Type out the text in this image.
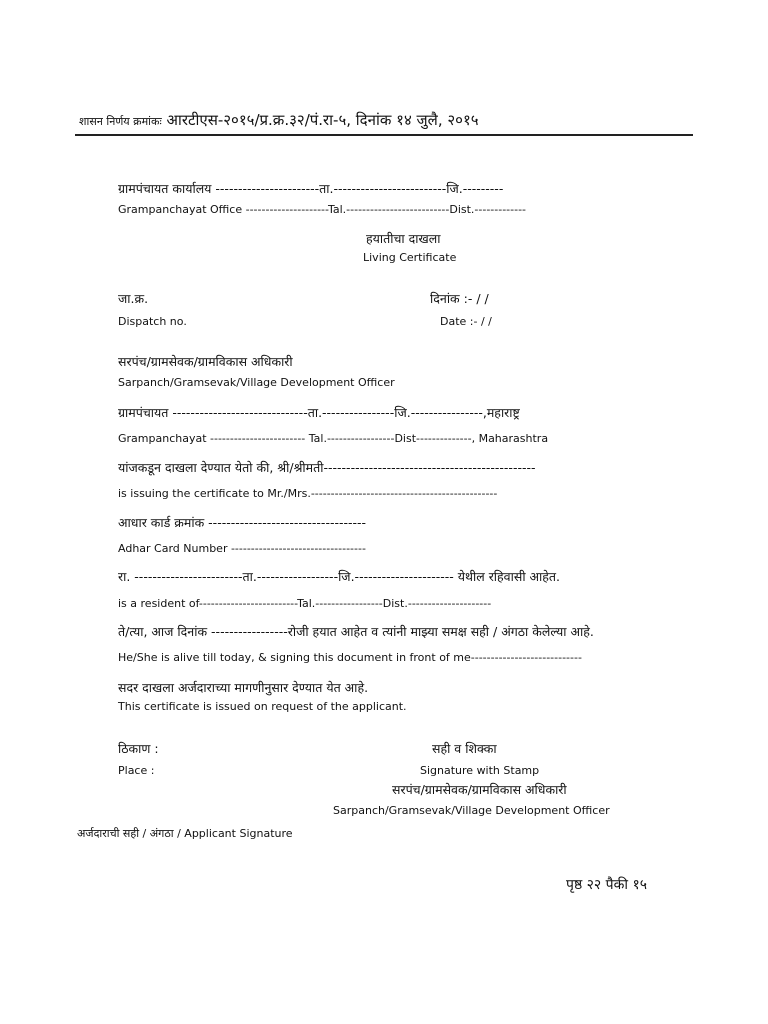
शासन निर्णय क्रमांकः आरटीएस-२०१५/प्र.क्र.३२/पं.रा-५, दिनांक १४ जुलै, २०१५
ग्रामपंचायत कार्यालय -----------------------ता.-------------------------जि.---------
Grampanchayat Office ---------------------Tal.--------------------------Dist.-------------
हयातीचा दाखला
Living Certificate
जा.क्र.
Dispatch no.
दिनांक :- / /
Date :- / /
सरपंच/ग्रामसेवक/ग्रामविकास अधिकारी
Sarpanch/Gramsevak/Village Development Officer
ग्रामपंचायत ------------------------------ता.----------------जि.----------------,महाराष्ट्र
Grampanchayat ------------------------ Tal.-----------------Dist--------------, Maharashtra
यांजकडून दाखला देण्यात येतो की, श्री/श्रीमती-----------------------------------------------
is issuing the certificate to Mr./Mrs.-----------------------------------------------
आधार कार्ड क्रमांक -----------------------------------
Adhar Card Number ----------------------------------
रा. ------------------------ता.------------------जि.---------------------- येथील रहिवासी आहेत.
is a resident of-------------------------Tal.-----------------Dist.---------------------
ते/त्या, आज दिनांक -----------------रोजी हयात आहेत व त्यांनी माझ्या समक्ष सही / अंगठा केलेल्या आहे.
He/She is alive till today, & signing this document in front of me----------------------------
सदर दाखला अर्जदाराच्या मागणीनुसार देण्यात येत आहे.
This certificate is issued on request of the applicant.
ठिकाण :
Place :
सही व शिक्का
Signature with Stamp
सरपंच/ग्रामसेवक/ग्रामविकास अधिकारी
Sarpanch/Gramsevak/Village Development Officer
अर्जदाराची सही / अंगठा / Applicant Signature
पृष्ठ २२ पैकी १५
